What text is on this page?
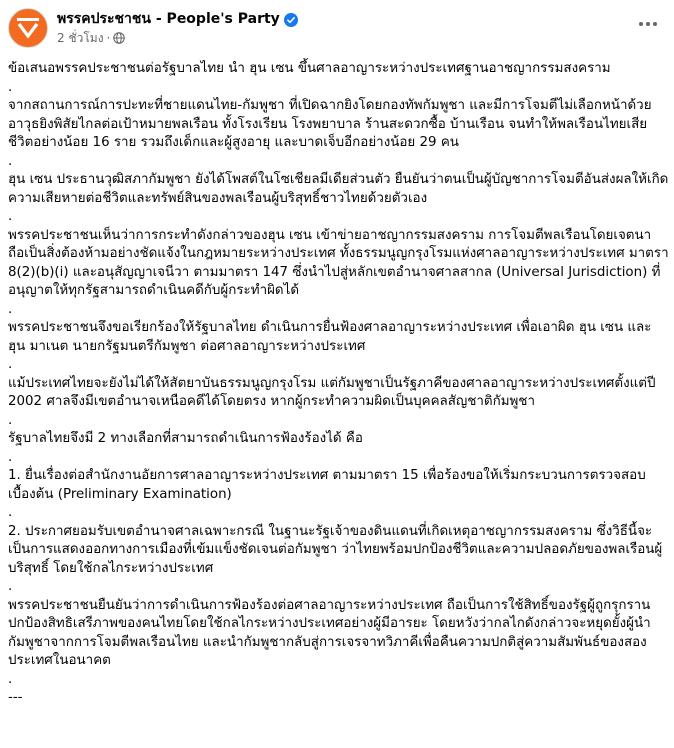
พรรคประชาชน - People's Party
2 ชั่วโมง ·

ข้อเสนอพรรคประชาชนต่อรัฐบาลไทย นำ ฮุน เซน ขึ้นศาลอาญาระหว่างประเทศฐานอาชญากรรมสงคราม

.

จากสถานการณ์การปะทะที่ชายแดนไทย-กัมพูชา ที่เปิดฉากยิงโดยกองทัพกัมพูชา และมีการโจมตีไม่เลือกหน้าด้วยอาวุธยิงพิสัยไกลต่อเป้าหมายพลเรือน ทั้งโรงเรียน โรงพยาบาล ร้านสะดวกซื้อ บ้านเรือน จนทำให้พลเรือนไทยเสียชีวิตอย่างน้อย 16 ราย รวมถึงเด็กและผู้สูงอายุ และบาดเจ็บอีกอย่างน้อย 29 คน

.

ฮุน เซน ประธานวุฒิสภากัมพูชา ยังได้โพสต์ในโซเชียลมีเดียส่วนตัว ยืนยันว่าตนเป็นผู้บัญชาการโจมตีอันส่งผลให้เกิดความเสียหายต่อชีวิตและทรัพย์สินของพลเรือนผู้บริสุทธิ์ชาวไทยด้วยตัวเอง

.

พรรคประชาชนเห็นว่าการกระทำดังกล่าวของฮุน เซน เข้าข่ายอาชญากรรมสงคราม การโจมตีพลเรือนโดยเจตนา ถือเป็นสิ่งต้องห้ามอย่างชัดแจ้งในกฎหมายระหว่างประเทศ ทั้งธรรมนูญกรุงโรมแห่งศาลอาญาระหว่างประเทศ มาตรา 8(2)(b)(i) และอนุสัญญาเจนีวา ตามมาตรา 147 ซึ่งนำไปสู่หลักเขตอำนาจศาลสากล (Universal Jurisdiction) ที่อนุญาตให้ทุกรัฐสามารถดำเนินคดีกับผู้กระทำผิดได้

.

พรรคประชาชนจึงขอเรียกร้องให้รัฐบาลไทย ดำเนินการยื่นฟ้องศาลอาญาระหว่างประเทศ เพื่อเอาผิด ฮุน เซน และ ฮุน มาเนต นายกรัฐมนตรีกัมพูชา ต่อศาลอาญาระหว่างประเทศ

.

แม้ประเทศไทยจะยังไม่ได้ให้สัตยาบันธรรมนูญกรุงโรม แต่กัมพูชาเป็นรัฐภาคีของศาลอาญาระหว่างประเทศตั้งแต่ปี 2002 ศาลจึงมีเขตอำนาจเหนือคดีได้โดยตรง หากผู้กระทำความผิดเป็นบุคคลสัญชาติกัมพูชา

.

รัฐบาลไทยจึงมี 2 ทางเลือกที่สามารถดำเนินการฟ้องร้องได้ คือ

.

1. ยื่นเรื่องต่อสำนักงานอัยการศาลอาญาระหว่างประเทศ ตามมาตรา 15 เพื่อร้องขอให้เริ่มกระบวนการตรวจสอบเบื้องต้น (Preliminary Examination)

.

2. ประกาศยอมรับเขตอำนาจศาลเฉพาะกรณี ในฐานะรัฐเจ้าของดินแดนที่เกิดเหตุอาชญากรรมสงคราม ซึ่งวิธีนี้จะเป็นการแสดงออกทางการเมืองที่เข้มแข็งชัดเจนต่อกัมพูชา ว่าไทยพร้อมปกป้องชีวิตและความปลอดภัยของพลเรือนผู้บริสุทธิ์ โดยใช้กลไกระหว่างประเทศ

.

พรรคประชาชนยืนยันว่าการดำเนินการฟ้องร้องต่อศาลอาญาระหว่างประเทศ ถือเป็นการใช้สิทธิ์ของรัฐผู้ถูกรุกราน ปกป้องสิทธิเสรีภาพของคนไทยโดยใช้กลไกระหว่างประเทศอย่างผู้มีอารยะ โดยหวังว่ากลไกดังกล่าวจะหยุดยั้งผู้นำกัมพูชาจากการโจมตีพลเรือนไทย และนำกัมพูชากลับสู่การเจรจาทวิภาคีเพื่อคืนความปกติสู่ความสัมพันธ์ของสองประเทศในอนาคต

.

---
